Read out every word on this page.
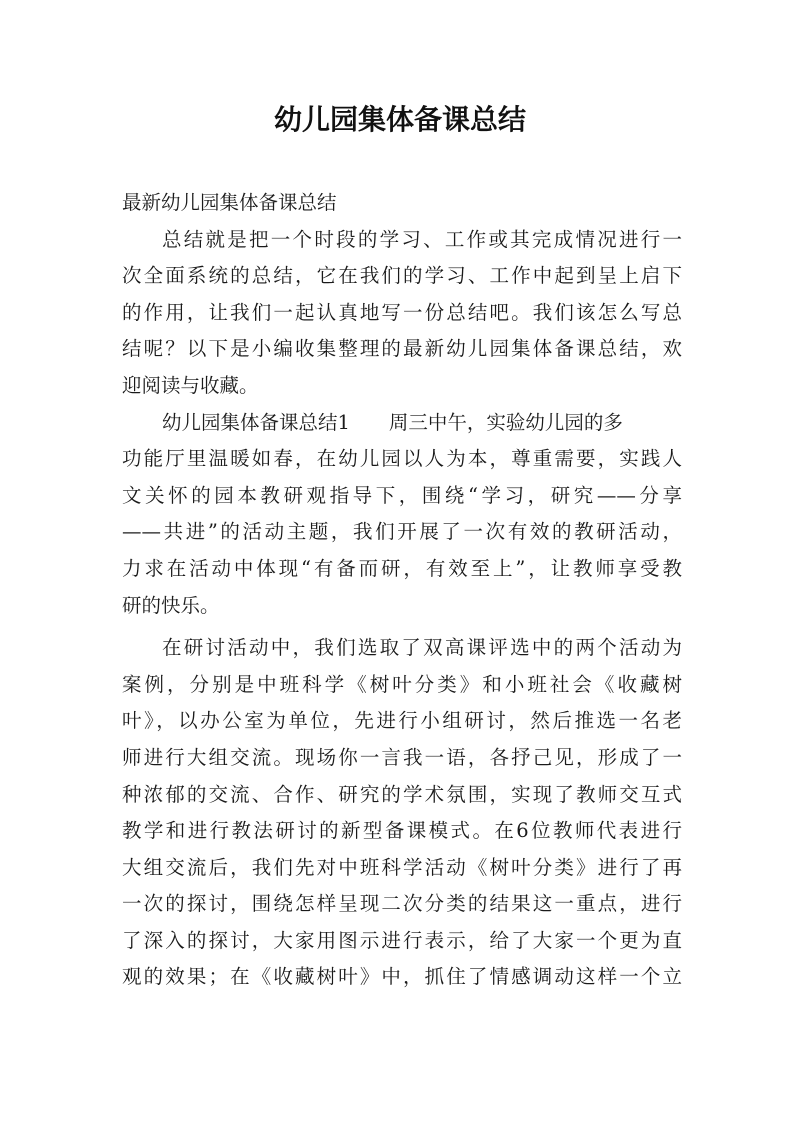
幼儿园集体备课总结
最新幼儿园集体备课总结
总结就是把一个时段的学习、工作或其完成情况进行一
次全面系统的总结，它在我们的学习、工作中起到呈上启下
的作用，让我们一起认真地写一份总结吧。我们该怎么写总
结呢？以下是小编收集整理的最新幼儿园集体备课总结，欢
迎阅读与收藏。
幼儿园集体备课总结1　　周三中午，实验幼儿园的多
功能厅里温暖如春，在幼儿园以人为本，尊重需要，实践人
文关怀的园本教研观指导下，围绕“学习，研究——分享
——共进”的活动主题，我们开展了一次有效的教研活动，
力求在活动中体现“有备而研，有效至上”，让教师享受教
研的快乐。
在研讨活动中，我们选取了双高课评选中的两个活动为
案例，分别是中班科学《树叶分类》和小班社会《收藏树
叶》，以办公室为单位，先进行小组研讨，然后推选一名老
师进行大组交流。现场你一言我一语，各抒己见，形成了一
种浓郁的交流、合作、研究的学术氛围，实现了教师交互式
教学和进行教法研讨的新型备课模式。在6位教师代表进行
大组交流后，我们先对中班科学活动《树叶分类》进行了再
一次的探讨，围绕怎样呈现二次分类的结果这一重点，进行
了深入的探讨，大家用图示进行表示，给了大家一个更为直
观的效果；在《收藏树叶》中，抓住了情感调动这样一个立
